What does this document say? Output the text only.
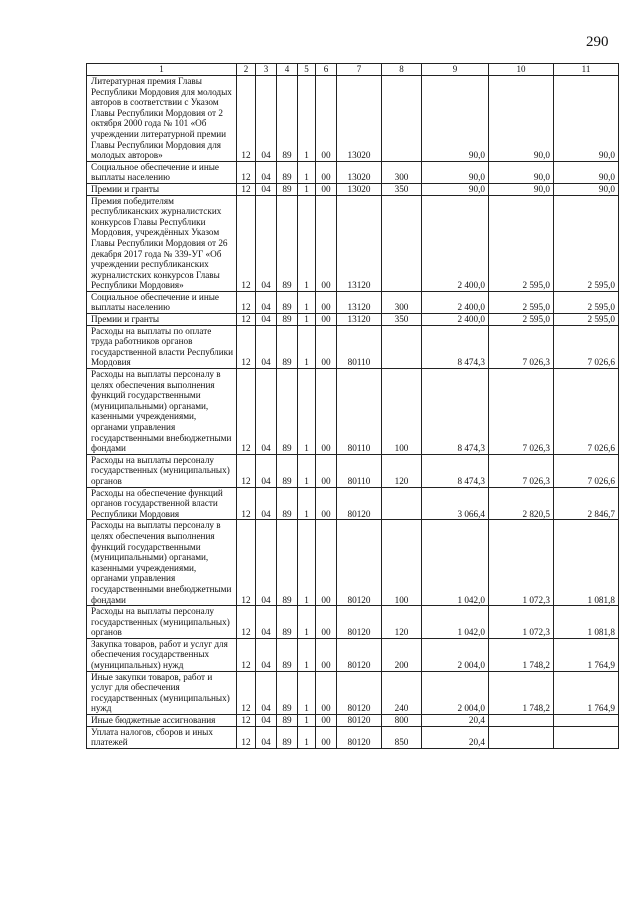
290
1	2	3	4	5	6	7	8	9	10	11
Литературная премия Главы Республики Мордовия для молодых авторов в соответствии с Указом Главы Республики Мордовия от 2 октября 2000 года № 101 «Об учреждении литературной премии Главы Республики Мордовия для молодых авторов»	12	04	89	1	00	13020		90,0	90,0	90,0
Социальное обеспечение и иные выплаты населению	12	04	89	1	00	13020	300	90,0	90,0	90,0
Премии и гранты	12	04	89	1	00	13020	350	90,0	90,0	90,0
Премия победителям республиканских журналистских конкурсов Главы Республики Мордовия, учреждённых Указом Главы Республики Мордовия от 26 декабря 2017 года № 339-УГ «Об учреждении республиканских журналистских конкурсов Главы Республики Мордовия»	12	04	89	1	00	13120		2 400,0	2 595,0	2 595,0
Социальное обеспечение и иные выплаты населению	12	04	89	1	00	13120	300	2 400,0	2 595,0	2 595,0
Премии и гранты	12	04	89	1	00	13120	350	2 400,0	2 595,0	2 595,0
Расходы на выплаты по оплате труда работников органов государственной власти Республики Мордовия	12	04	89	1	00	80110		8 474,3	7 026,3	7 026,6
Расходы на выплаты персоналу в целях обеспечения выполнения функций государственными (муниципальными) органами, казенными учреждениями, органами управления государственными внебюджетными фондами	12	04	89	1	00	80110	100	8 474,3	7 026,3	7 026,6
Расходы на выплаты персоналу государственных (муниципальных) органов	12	04	89	1	00	80110	120	8 474,3	7 026,3	7 026,6
Расходы на обеспечение функций органов государственной власти Республики Мордовия	12	04	89	1	00	80120		3 066,4	2 820,5	2 846,7
Расходы на выплаты персоналу в целях обеспечения выполнения функций государственными (муниципальными) органами, казенными учреждениями, органами управления государственными внебюджетными фондами	12	04	89	1	00	80120	100	1 042,0	1 072,3	1 081,8
Расходы на выплаты персоналу государственных (муниципальных) органов	12	04	89	1	00	80120	120	1 042,0	1 072,3	1 081,8
Закупка товаров, работ и услуг для обеспечения государственных (муниципальных) нужд	12	04	89	1	00	80120	200	2 004,0	1 748,2	1 764,9
Иные закупки товаров, работ и услуг для обеспечения государственных (муниципальных) нужд	12	04	89	1	00	80120	240	2 004,0	1 748,2	1 764,9
Иные бюджетные ассигнования	12	04	89	1	00	80120	800	20,4		
Уплата налогов, сборов и иных платежей	12	04	89	1	00	80120	850	20,4		
